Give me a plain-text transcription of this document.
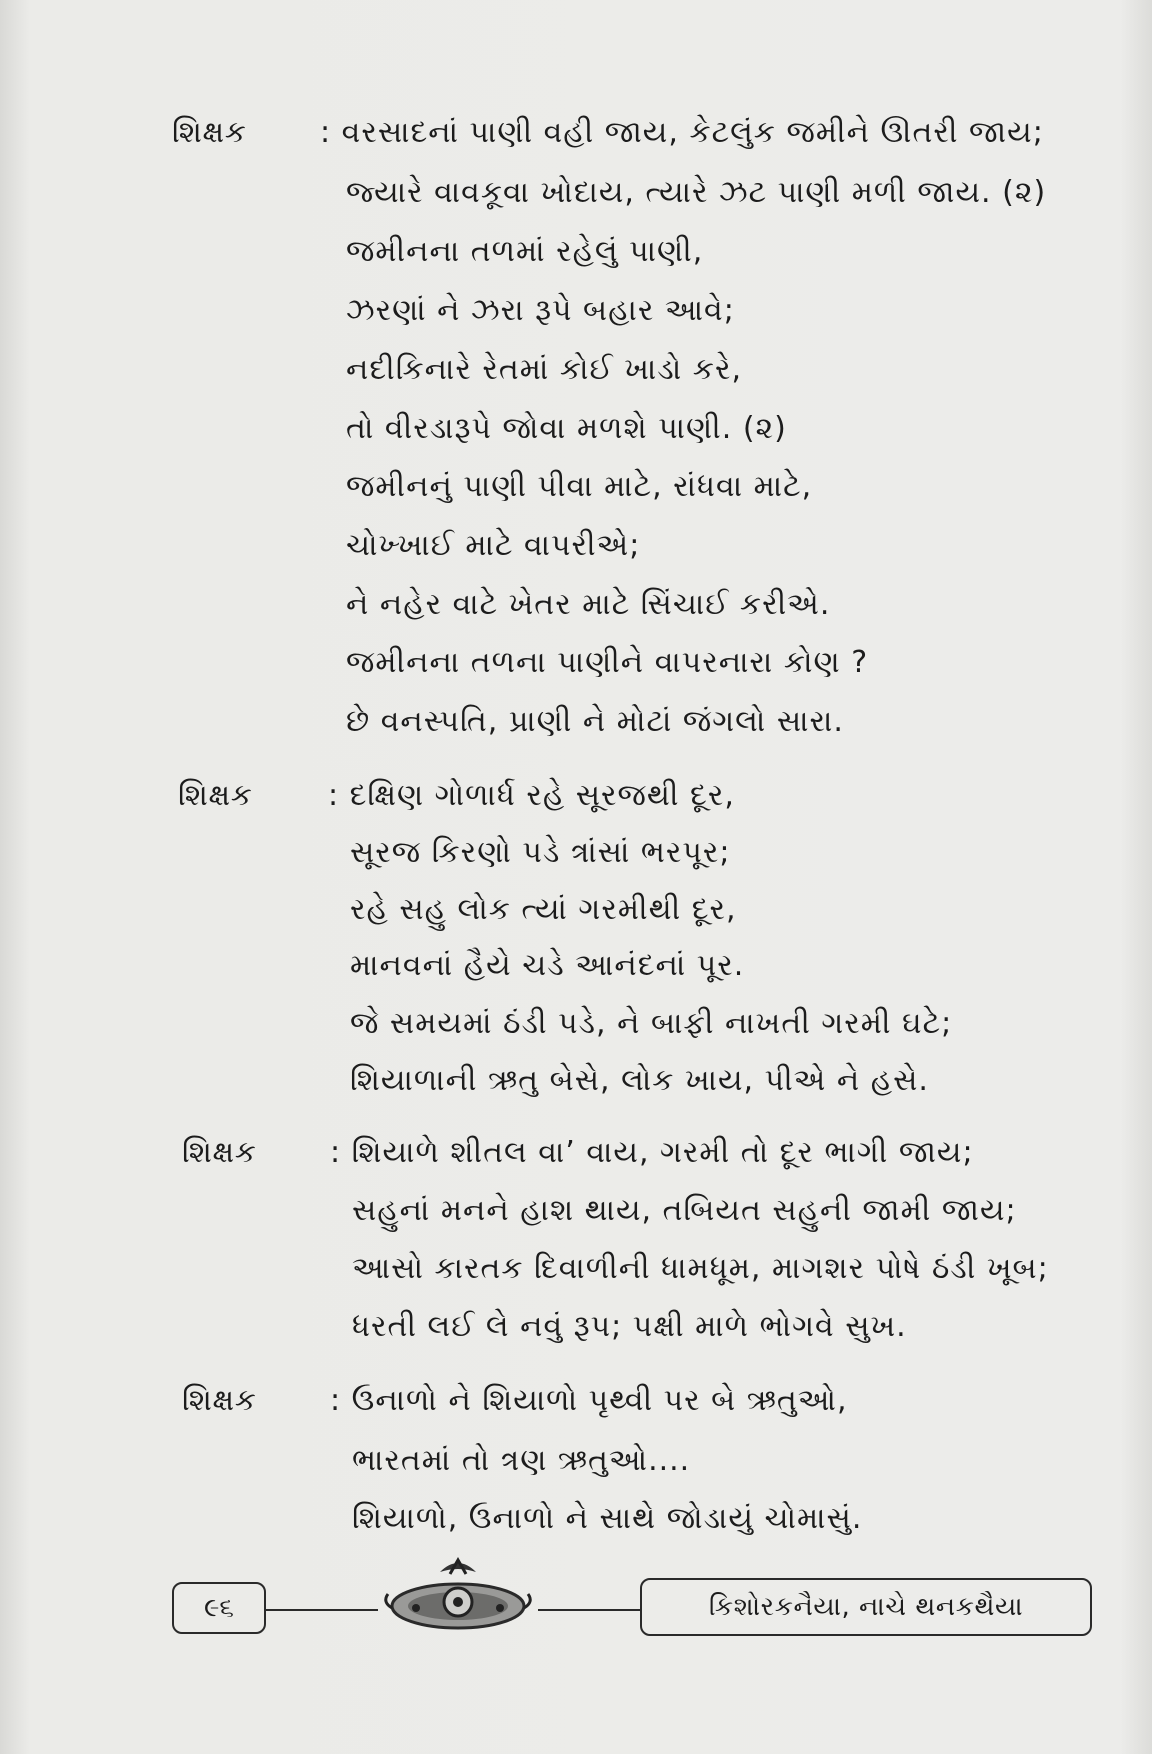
શિક્ષક : વરસાદનાં પાણી વહી જાય, કેટલુંક જમીને ઊતરી જાય;
જ્યારે વાવકૂવા ખોદાય, ત્યારે ઝટ પાણી મળી જાય. (૨)
જમીનના તળમાં રહેલું પાણી,
ઝરણાં ને ઝરા રૂપે બહાર આવે;
નદીકિનારે રેતમાં કોઈ ખાડો કરે,
તો વીરડારૂપે જોવા મળશે પાણી. (૨)
જમીનનું પાણી પીવા માટે, રાંધવા માટે,
ચોખ્ખાઈ માટે વાપરીએ;
ને નહેર વાટે ખેતર માટે સિંચાઈ કરીએ.
જમીનના તળના પાણીને વાપરનારા કોણ ?
છે વનસ્પતિ, પ્રાણી ને મોટાં જંગલો સારા.
શિક્ષક	: દક્ષિણ ગોળાર્ધ રહે સૂરજથી દૂર,
સૂરજ કિરણો પડે ત્રાંસાં ભરપૂર;
રહે સહુ લોક ત્યાં ગરમીથી દૂર,
માનવનાં હૈયે ચડે આનંદનાં પૂર.
જે સમયમાં ઠંડી પડે, ને બાફી નાખતી ગરમી ઘટે;
શિયાળાની ઋતુ બેસે, લોક ખાય, પીએ ને હસે.
શિક્ષક : શિયાળે શીતલ વા’ વાય, ગરમી તો દૂર ભાગી જાય;
સહુનાં મનને હાશ થાય, તબિયત સહુની જામી જાય;
આસો કારતક દિવાળીની ધામધૂમ, માગશર પોષે ઠંડી ખૂબ;
ધરતી લઈ લે નવું રૂપ; પક્ષી માળે ભોગવે સુખ.
શિક્ષક : ઉનાળો ને શિયાળો પૃથ્વી પર બે ઋતુઓ,
ભારતમાં તો ત્રણ ઋતુઓ....
શિયાળો, ઉનાળો ને સાથે જોડાયું ચોમાસું.
૯૬	કિશોરકનૈયા, નાચે થનકથૈયા
